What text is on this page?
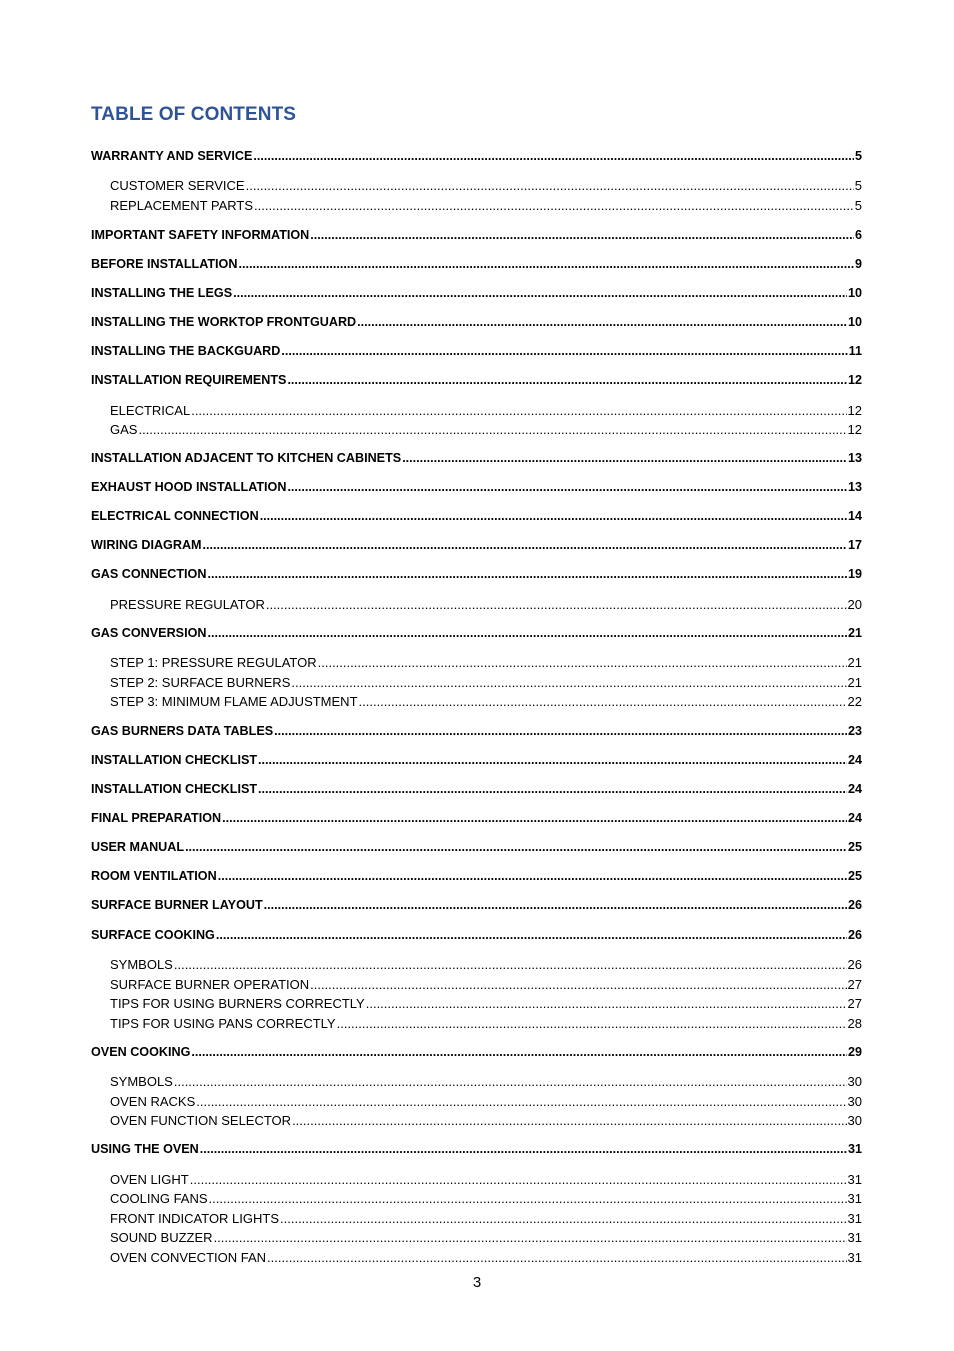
TABLE OF CONTENTS
WARRANTY AND SERVICE .....	5
CUSTOMER SERVICE .....	5
REPLACEMENT PARTS .....	5
IMPORTANT SAFETY INFORMATION .....	6
BEFORE INSTALLATION .....	9
INSTALLING THE LEGS .....	10
INSTALLING THE WORKTOP FRONTGUARD .....	10
INSTALLING THE BACKGUARD .....	11
INSTALLATION REQUIREMENTS .....	12
ELECTRICAL .....	12
GAS .....	12
INSTALLATION ADJACENT TO KITCHEN CABINETS .....	13
EXHAUST HOOD INSTALLATION .....	13
ELECTRICAL CONNECTION .....	14
WIRING DIAGRAM .....	17
GAS CONNECTION .....	19
PRESSURE REGULATOR .....	20
GAS CONVERSION .....	21
STEP 1: PRESSURE REGULATOR .....	21
STEP 2: SURFACE BURNERS .....	21
STEP 3: MINIMUM FLAME ADJUSTMENT .....	22
GAS BURNERS DATA TABLES .....	23
INSTALLATION CHECKLIST .....	24
INSTALLATION CHECKLIST .....	24
FINAL PREPARATION .....	24
USER MANUAL .....	25
ROOM VENTILATION .....	25
SURFACE BURNER LAYOUT .....	26
SURFACE COOKING .....	26
SYMBOLS .....	26
SURFACE BURNER OPERATION .....	27
TIPS FOR USING BURNERS CORRECTLY .....	27
TIPS FOR USING PANS CORRECTLY .....	28
OVEN COOKING .....	29
SYMBOLS .....	30
OVEN RACKS .....	30
OVEN FUNCTION SELECTOR .....	30
USING THE OVEN .....	31
OVEN LIGHT .....	31
COOLING FANS .....	31
FRONT INDICATOR LIGHTS .....	31
SOUND BUZZER .....	31
OVEN CONVECTION FAN .....	31
3
